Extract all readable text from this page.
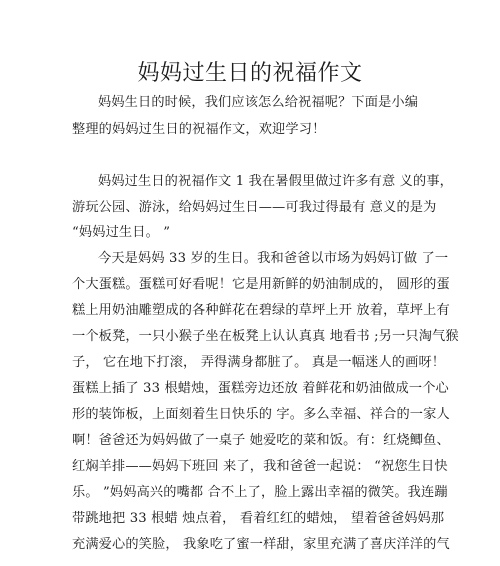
妈妈过生日的祝福作文
妈妈生日的时候，我们应该怎么给祝福呢？下面是小编
整理的妈妈过生日的祝福作文，欢迎学习！
妈妈过生日的祝福作文 1 我在暑假里做过许多有意 义的事，
游玩公园、游泳，给妈妈过生日——可我过得最有 意义的是为
“妈妈过生日。 ”
今天是妈妈 33 岁的生日。我和爸爸以市场为妈妈订做 了一
个大蛋糕。蛋糕可好看呢！它是用新鲜的奶油制成的， 圆形的蛋
糕上用奶油雕塑成的各种鲜花在碧绿的草坪上开 放着，草坪上有
一个板凳，一只小猴子坐在板凳上认认真真 地看书 ;另一只淘气猴
子， 它在地下打滚， 弄得满身都脏了。 真是一幅迷人的画呀！
蛋糕上插了 33 根蜡烛，蛋糕旁边还放 着鲜花和奶油做成一个心
形的装饰板，上面刻着生日快乐的 字。多么幸福、祥合的一家人
啊！爸爸还为妈妈做了一桌子 她爱吃的菜和饭。有：红烧鲫鱼、
红焖羊排——妈妈下班回 来了，我和爸爸一起说： “祝您生日快
乐。 ”妈妈高兴的嘴都 合不上了，脸上露出幸福的微笑。我连蹦
带跳地把 33 根蜡 烛点着， 看着红红的蜡烛， 望着爸爸妈妈那
充满爱心的笑脸， 我象吃了蜜一样甜，家里充满了喜庆洋洋的气
